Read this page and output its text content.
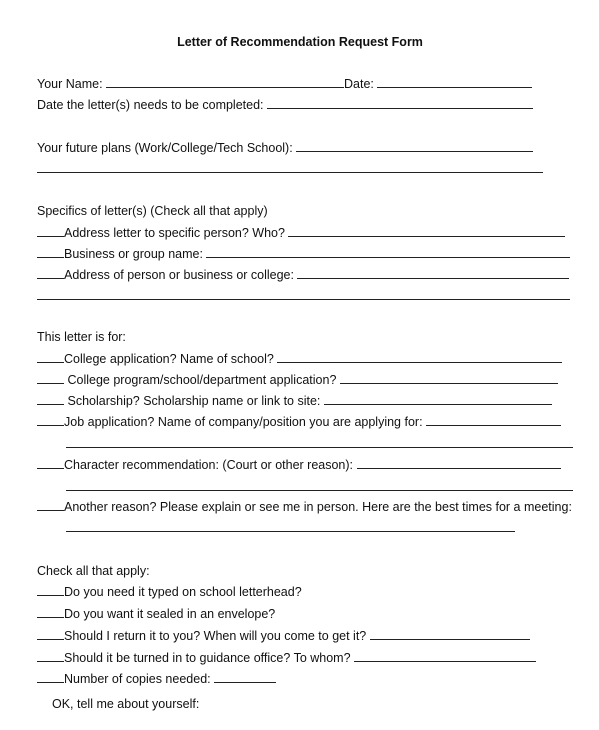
Letter of Recommendation Request Form
Your Name:	Date:
Date the letter(s) needs to be completed:
Your future plans (Work/College/Tech School):
Specifics of letter(s) (Check all that apply)
Address letter to specific person? Who?
Business or group name:
Address of person or business or college:
This letter is for:
College application? Name of school?
College program/school/department application?
Scholarship? Scholarship name or link to site:
Job application? Name of company/position you are applying for:
Character recommendation: (Court or other reason):
Another reason? Please explain or see me in person. Here are the best times for a meeting:
Check all that apply:
Do you need it typed on school letterhead?
Do you want it sealed in an envelope?
Should I return it to you? When will you come to get it?
Should it be turned in to guidance office? To whom?
Number of copies needed:
OK, tell me about yourself:
